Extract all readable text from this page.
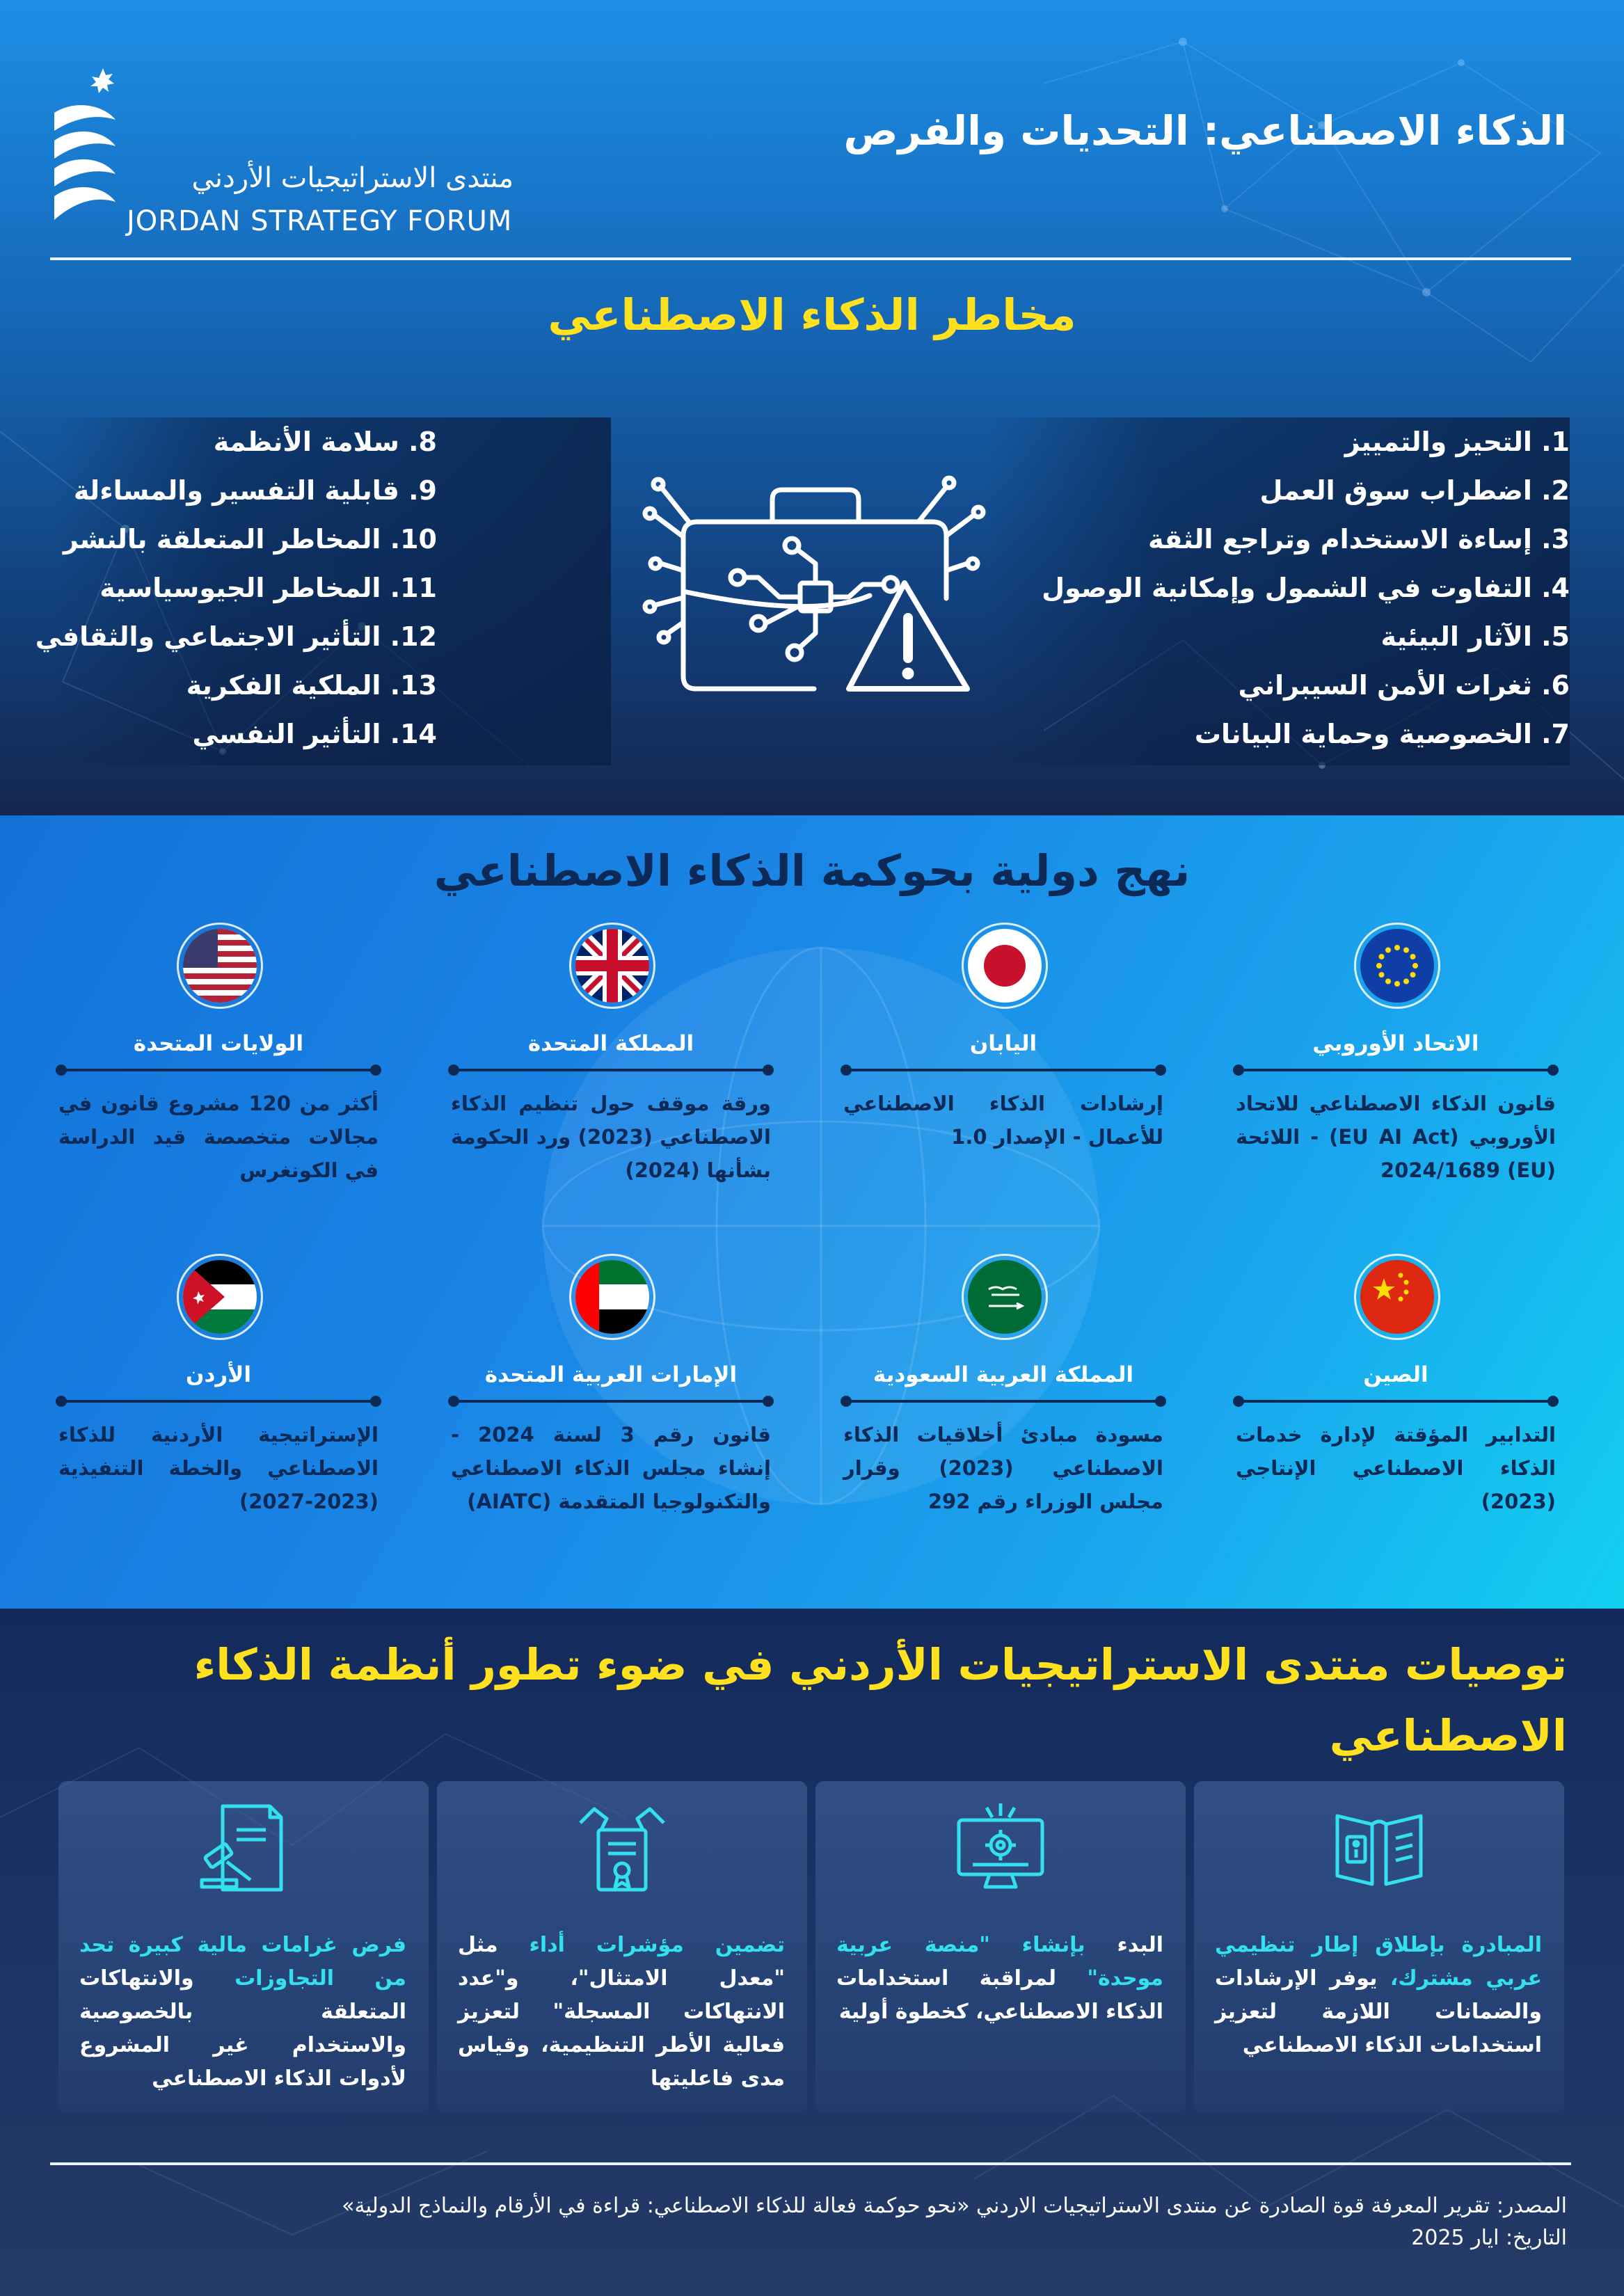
منتدى الاستراتيجيات الأردني
JORDAN STRATEGY FORUM
الذكاء الاصطناعي: التحديات والفرص
مخاطر الذكاء الاصطناعي
1. التحيز والتمييز
2. اضطراب سوق العمل
3. إساءة الاستخدام وتراجع الثقة
4. التفاوت في الشمول وإمكانية الوصول
5. الآثار البيئية
6. ثغرات الأمن السيبراني
7. الخصوصية وحماية البيانات
8. سلامة الأنظمة
9. قابلية التفسير والمساءلة
10. المخاطر المتعلقة بالنشر
11. المخاطر الجيوسياسية
12. التأثير الاجتماعي والثقافي
13. الملكية الفكرية
14. التأثير النفسي
نهج دولية بحوكمة الذكاء الاصطناعي
الاتحاد الأوروبي
قانون الذكاء الاصطناعي للاتحاد الأوروبي (EU AI Act) - اللائحة (EU) 2024/1689
اليابان
إرشادات الذكاء الاصطناعي للأعمال - الإصدار 1.0
المملكة المتحدة
ورقة موقف حول تنظيم الذكاء الاصطناعي (2023) ورد الحكومة بشأنها (2024)
الولايات المتحدة
أكثر من 120 مشروع قانون في مجالات متخصصة قيد الدراسة في الكونغرس
الصين
التدابير المؤقتة لإدارة خدمات الذكاء الاصطناعي الإنتاجي (2023)
المملكة العربية السعودية
مسودة مبادئ أخلاقيات الذكاء الاصطناعي (2023) وقرار مجلس الوزراء رقم 292
الإمارات العربية المتحدة
قانون رقم 3 لسنة 2024 - إنشاء مجلس الذكاء الاصطناعي والتكنولوجيا المتقدمة (AIATC)
الأردن
الإستراتيجية الأردنية للذكاء الاصطناعي والخطة التنفيذية (2023-2027)
توصيات منتدى الاستراتيجيات الأردني في ضوء تطور أنظمة الذكاء الاصطناعي
المبادرة بإطلاق إطار تنظيمي عربي مشترك، يوفر الإرشادات والضمانات اللازمة لتعزيز استخدامات الذكاء الاصطناعي
البدء بإنشاء "منصة عربية موحدة" لمراقبة استخدامات الذكاء الاصطناعي، كخطوة أولية
تضمين مؤشرات أداء مثل "معدل الامتثال"، و"عدد الانتهاكات المسجلة" لتعزيز فعالية الأطر التنظيمية، وقياس مدى فاعليتها
فرض غرامات مالية كبيرة تحد من التجاوزات والانتهاكات المتعلقة بالخصوصية والاستخدام غير المشروع لأدوات الذكاء الاصطناعي
المصدر: تقرير المعرفة قوة الصادرة عن منتدى الاستراتيجيات الاردني «نحو حوكمة فعالة للذكاء الاصطناعي: قراءة في الأرقام والنماذج الدولية»
التاريخ: ايار 2025
